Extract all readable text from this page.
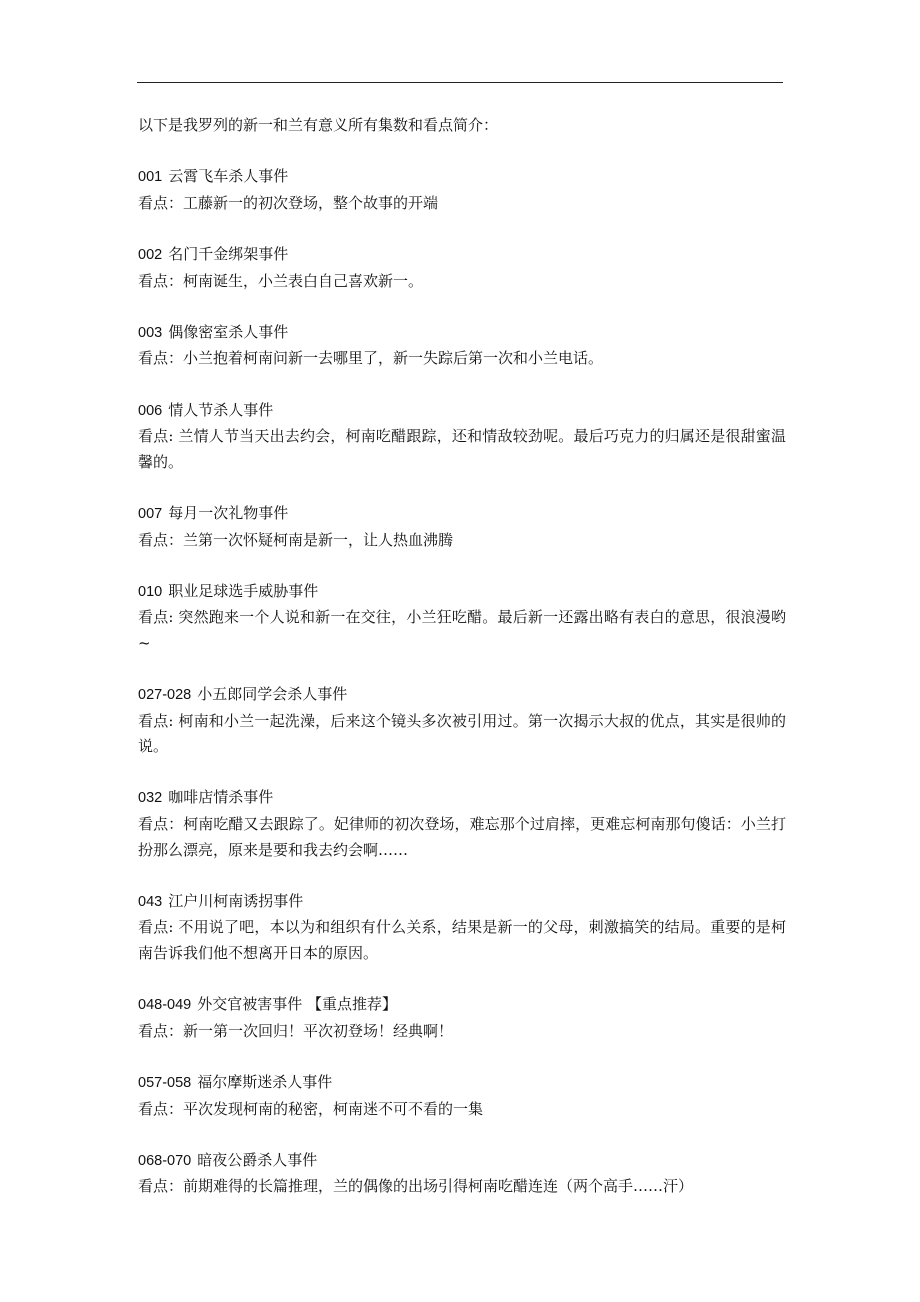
以下是我罗列的新一和兰有意义所有集数和看点简介：

001 云霄飞车杀人事件

看点：工藤新一的初次登场，整个故事的开端

002 名门千金绑架事件

看点：柯南诞生，小兰表白自己喜欢新一。

003 偶像密室杀人事件

看点：小兰抱着柯南问新一去哪里了，新一失踪后第一次和小兰电话。

006 情人节杀人事件

看点: 兰情人节当天出去约会，柯南吃醋跟踪，还和情敌较劲呢。最后巧克力的归属还是很甜蜜温馨的。

007 每月一次礼物事件

看点：兰第一次怀疑柯南是新一，让人热血沸腾

010 职业足球选手威胁事件

看点: 突然跑来一个人说和新一在交往，小兰狂吃醋。最后新一还露出略有表白的意思，很浪漫哟~

027-028 小五郎同学会杀人事件

看点: 柯南和小兰一起洗澡，后来这个镜头多次被引用过。第一次揭示大叔的优点，其实是很帅的说。

032 咖啡店情杀事件

看点：柯南吃醋又去跟踪了。妃律师的初次登场，难忘那个过肩摔，更难忘柯南那句傻话：小兰打扮那么漂亮，原来是要和我去约会啊……

043 江户川柯南诱拐事件

看点: 不用说了吧，本以为和组织有什么关系，结果是新一的父母，刺激搞笑的结局。重要的是柯南告诉我们他不想离开日本的原因。

048-049 外交官被害事件 【重点推荐】

看点：新一第一次回归！平次初登场！经典啊！

057-058 福尔摩斯迷杀人事件

看点：平次发现柯南的秘密，柯南迷不可不看的一集

068-070 暗夜公爵杀人事件

看点：前期难得的长篇推理，兰的偶像的出场引得柯南吃醋连连（两个高手……汗）
